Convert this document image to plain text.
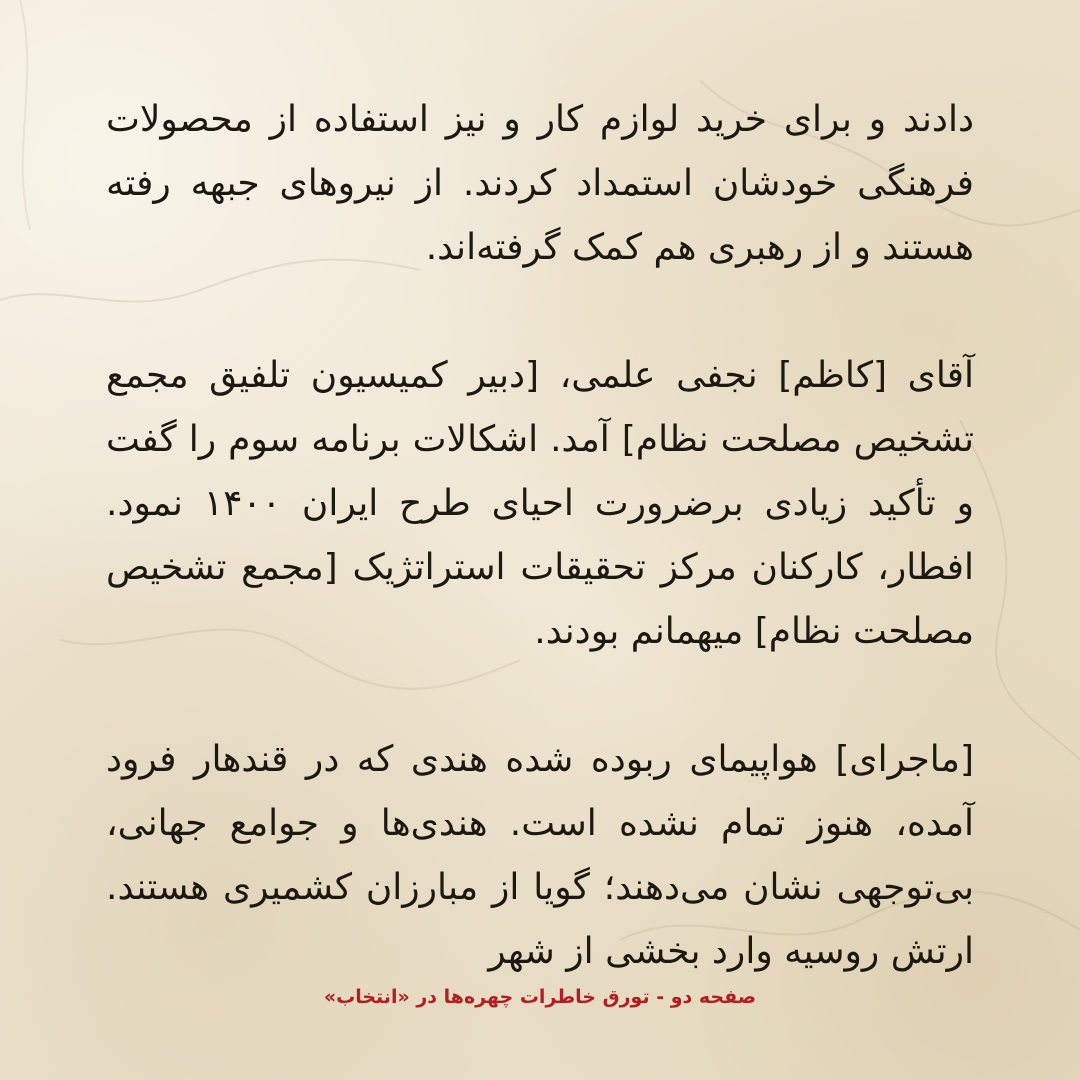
دادند و برای خرید لوازم کار و نیز استفاده از محصولات فرهنگی خودشان استمداد کردند. از نیروهای جبهه رفته هستند و از رهبری هم کمک گرفته‌اند.

آقای [کاظم] نجفی علمی، [دبیر کمیسیون تلفیق مجمع تشخیص مصلحت نظام] آمد. اشکالات برنامه سوم را گفت و تأکید زیادی برضرورت احیای طرح ایران ۱۴۰۰ نمود. افطار، کارکنان مرکز تحقیقات استراتژیک [مجمع تشخیص مصلحت نظام] میهمانم بودند.

[ماجرای] هواپیمای ربوده شده هندی که در قندهار فرود آمده، هنوز تمام نشده است. هندی‌ها و جوامع جهانی، بی‌توجهی نشان می‌دهند؛ گویا از مبارزان کشمیری هستند. ارتش روسیه وارد بخشی از شهر

صفحه دو - تورق خاطرات چهره‌ها در «انتخاب»
